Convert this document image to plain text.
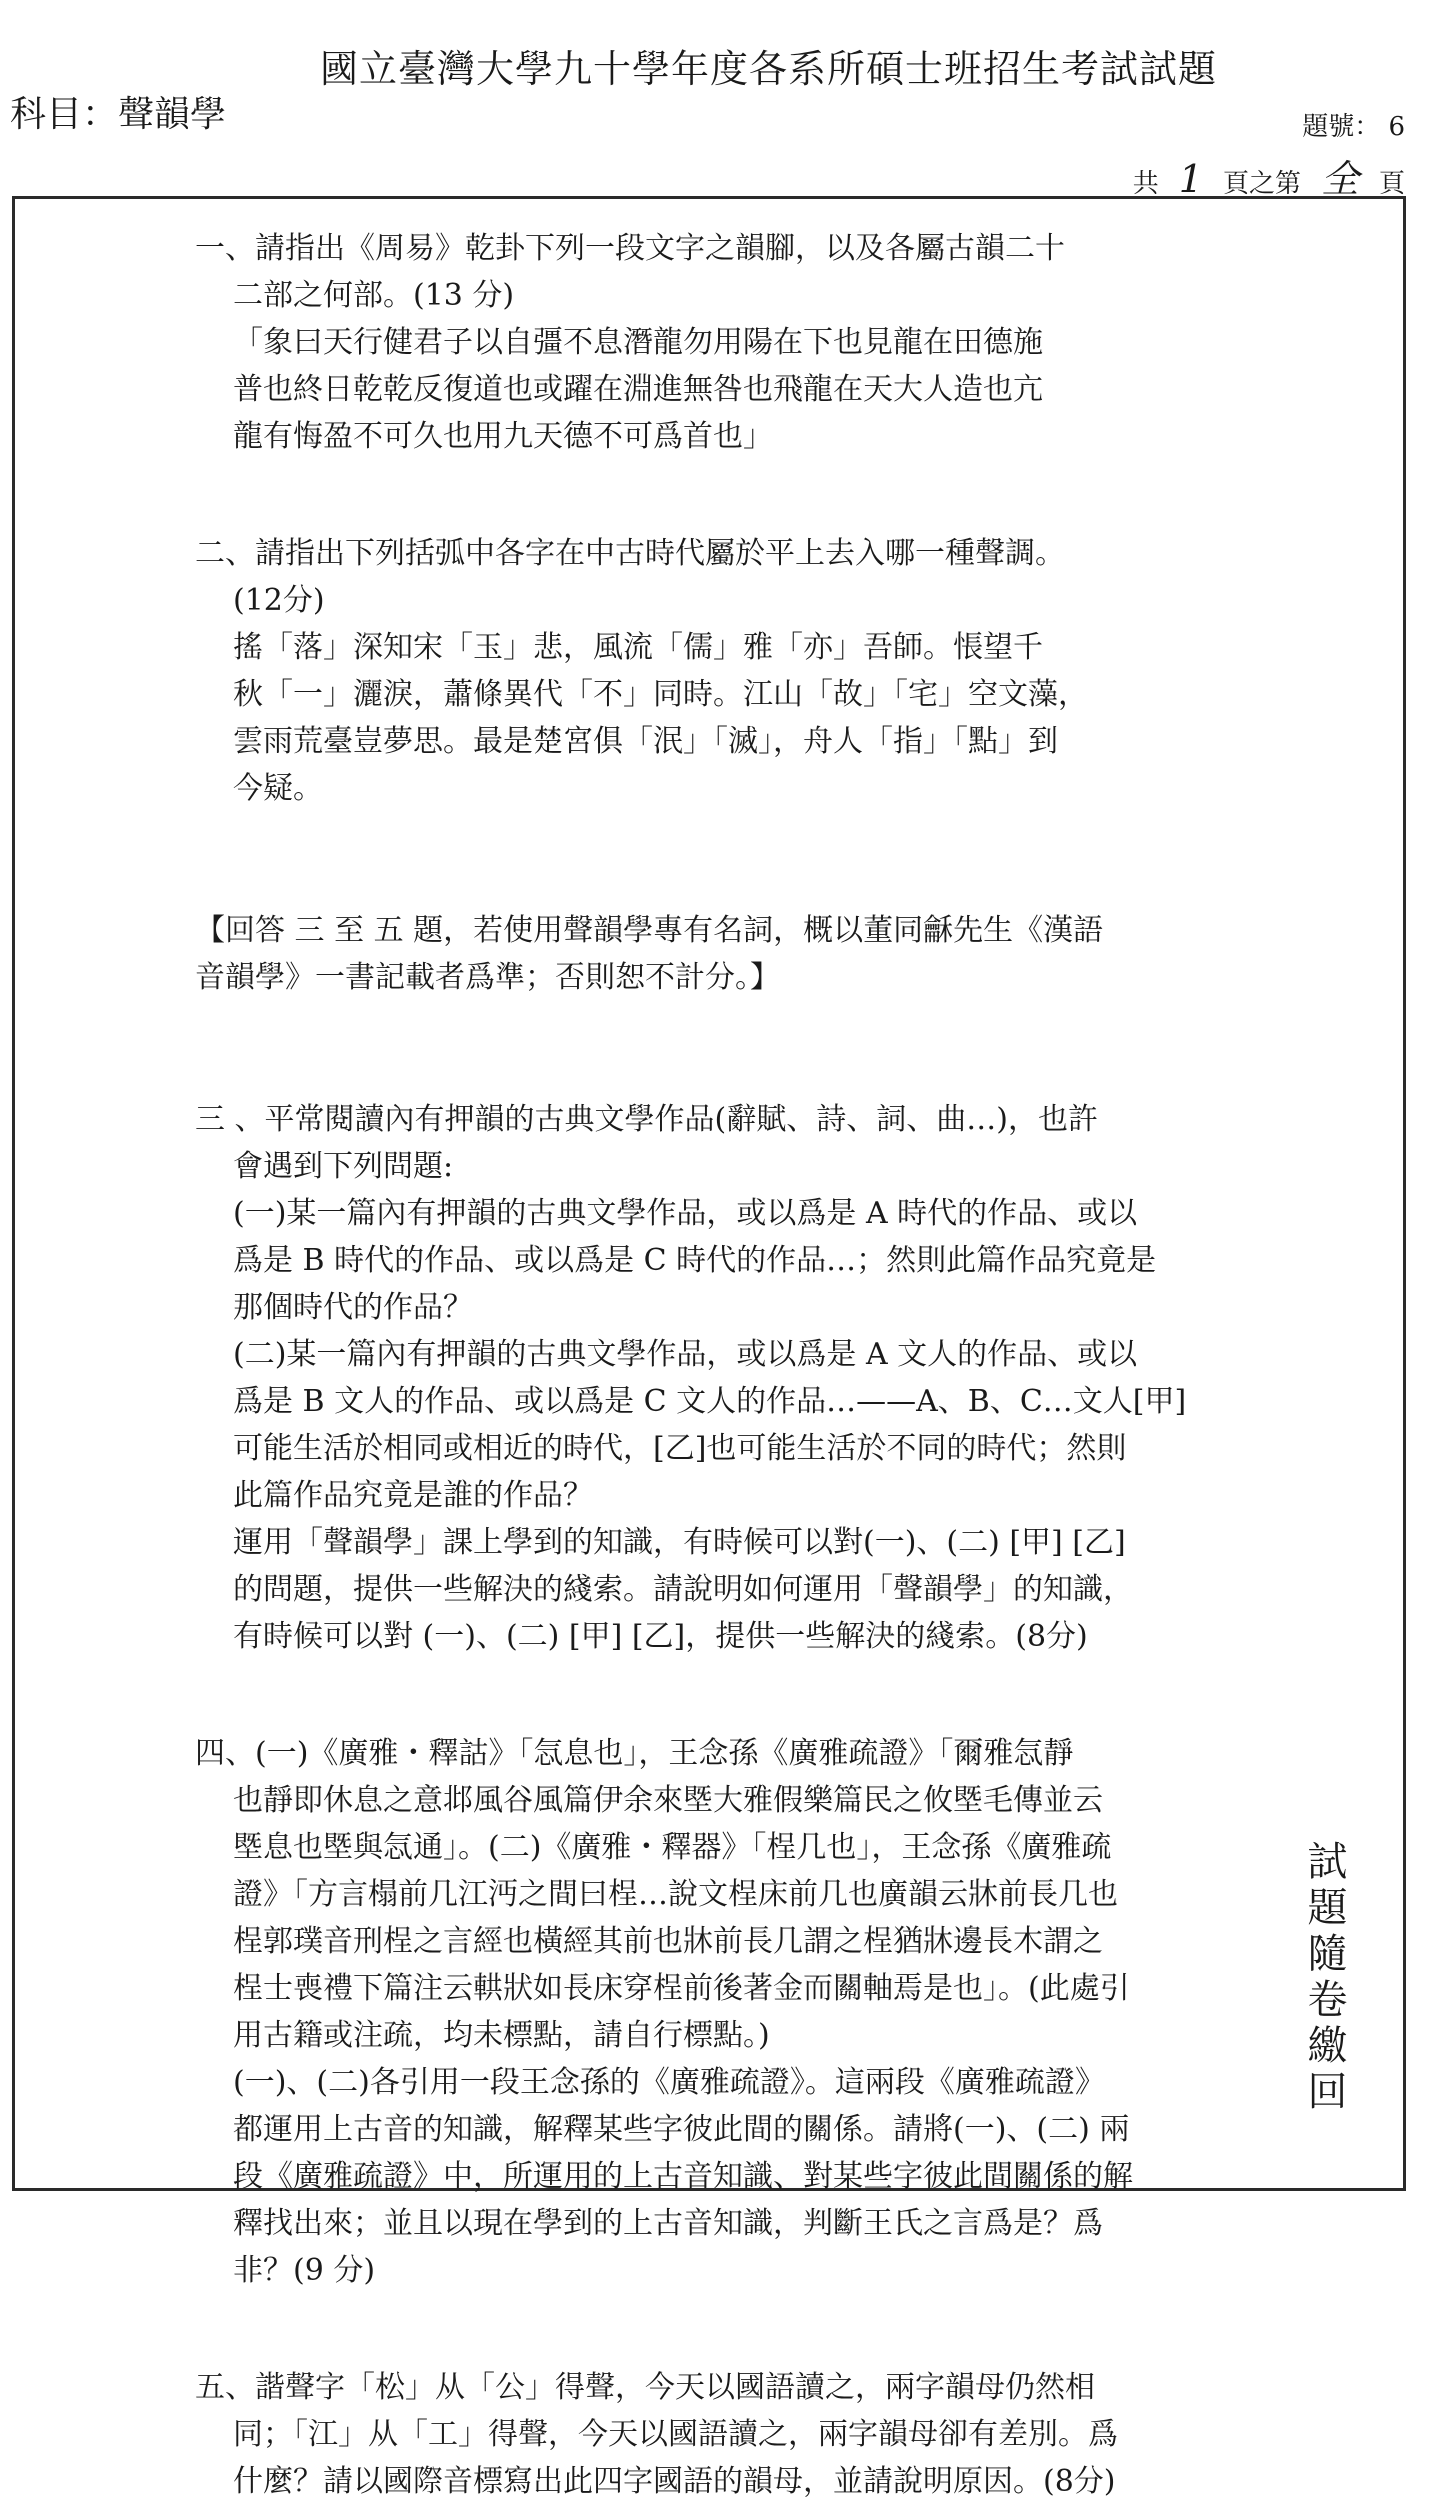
國立臺灣大學九十學年度各系所碩士班招生考試試題
科目：聲韻學	題號： 6
共 1 頁之第 全 頁
一、請指出《周易》乾卦下列一段文字之韻腳，以及各屬古韻二十
二部之何部。(13 分)
「象曰天行健君子以自彊不息潛龍勿用陽在下也見龍在田德施
普也終日乾乾反復道也或躍在淵進無咎也飛龍在天大人造也亢
龍有悔盈不可久也用九天德不可爲首也」
二、請指出下列括弧中各字在中古時代屬於平上去入哪一種聲調。
(12分)
搖「落」深知宋「玉」悲，風流「儒」雅「亦」吾師。悵望千
秋「一」灑淚，蕭條異代「不」同時。江山「故」「宅」空文藻，
雲雨荒臺豈夢思。最是楚宮俱「泯」「滅」，舟人「指」「點」到
今疑。
【回答 三 至 五 題，若使用聲韻學專有名詞，概以董同龢先生《漢語
音韻學》一書記載者爲準；否則恕不計分。】
三 、平常閱讀內有押韻的古典文學作品(辭賦、詩、詞、曲…)，也許
會遇到下列問題:
(一)某一篇內有押韻的古典文學作品，或以爲是 A 時代的作品、或以
爲是 B 時代的作品、或以爲是 C 時代的作品…；然則此篇作品究竟是
那個時代的作品？
(二)某一篇內有押韻的古典文學作品，或以爲是 A 文人的作品、或以
爲是 B 文人的作品、或以爲是 C 文人的作品…——A、B、C…文人[甲]
可能生活於相同或相近的時代，[乙]也可能生活於不同的時代；然則
此篇作品究竟是誰的作品？
運用「聲韻學」課上學到的知識，有時候可以對(一)、(二) [甲] [乙]
的問題，提供一些解決的綫索。請說明如何運用「聲韻學」的知識，
有時候可以對 (一)、(二) [甲] [乙]，提供一些解決的綫索。(8分)
四、(一)《廣雅・釋詁》「忥息也」，王念孫《廣雅疏證》「爾雅忥靜
也靜即休息之意邶風谷風篇伊余來塈大雅假樂篇民之攸塈毛傳並云
塈息也塈與忥通」。(二)《廣雅・釋器》「桯几也」，王念孫《廣雅疏
證》「方言榻前几江沔之間曰桯…說文桯床前几也廣韻云牀前長几也
桯郭璞音刑桯之言經也橫經其前也牀前長几謂之桯猶牀邊長木謂之
桯士喪禮下篇注云輁狀如長床穿桯前後著金而關軸焉是也」。(此處引
用古籍或注疏，均未標點，請自行標點。)
(一)、(二)各引用一段王念孫的《廣雅疏證》。這兩段《廣雅疏證》
都運用上古音的知識，解釋某些字彼此間的關係。請將(一)、(二) 兩
段《廣雅疏證》中，所運用的上古音知識、對某些字彼此間關係的解
釋找出來；並且以現在學到的上古音知識，判斷王氏之言爲是？爲
非？(9 分)
五、諧聲字「松」从「公」得聲，今天以國語讀之，兩字韻母仍然相
同；「江」从「工」得聲，今天以國語讀之，兩字韻母卻有差別。爲
什麼？請以國際音標寫出此四字國語的韻母，並請說明原因。(8分)
試題隨卷繳回
